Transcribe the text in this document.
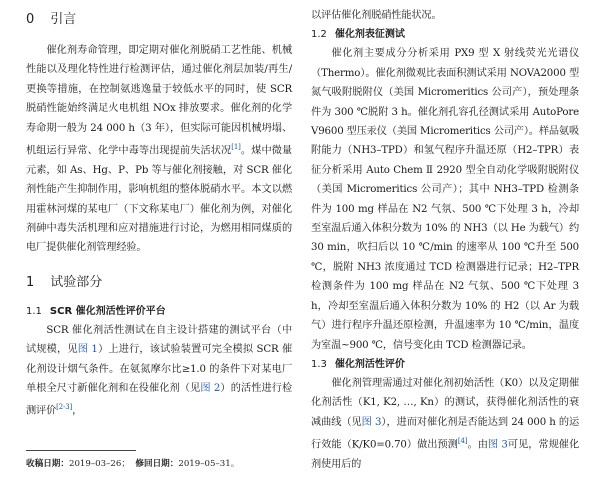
0 引言

催化剂寿命管理，即定期对催化剂脱硝工艺性能、机械性能以及理化特性进行检测评估，通过催化剂层加装/再生/更换等措施，在控制氨逃逸量于较低水平的同时，使 SCR 脱硝性能始终满足火电机组 NOx 排放要求。催化剂的化学寿命期一般为 24 000 h（3 年），但实际可能因机械坍塌、机组运行异常、化学中毒等出现提前失活状况[1]。煤中微量元素，如 As、Hg、P、Pb 等与催化剂接触，对 SCR 催化剂性能产生抑制作用，影响机组的整体脱硝水平。本文以燃用霍林河煤的某电厂（下文称某电厂）催化剂为例，对催化剂砷中毒失活机理和应对措施进行讨论，为燃用相同煤质的电厂提供催化剂管理经验。

1 试验部分
1.1 SCR 催化剂活性评价平台

SCR 催化剂活性测试在自主设计搭建的测试平台（中试规模，见图 1）上进行，该试验装置可完全模拟 SCR 催化剂设计烟气条件。在氨氮摩尔比≥1.0 的条件下对某电厂单根全尺寸新催化剂和在役催化剂（见图 2）的活性进行检测评价[2-3]，

收稿日期：2019–03–26； 修回日期：2019–05–31。

以评估催化剂脱硝性能状况。

1.2 催化剂表征测试

催化剂主要成分分析采用 PX9 型 X 射线荧光光谱仪（Thermo）。催化剂微观比表面积测试采用 NOVA2000 型氮气吸附脱附仪（美国 Micromeritics 公司产），预处理条件为 300 ℃脱附 3 h。催化剂孔容孔径测试采用 AutoPore V9600 型压汞仪（美国 Micromeritics 公司产）。样品氨吸附能力（NH3–TPD）和氢气程序升温还原（H2–TPR）表征分析采用 Auto Chem Ⅱ 2920 型全自动化学吸附脱附仪（美国 Micromeritics 公司产）；其中 NH3–TPD 检测条件为 100 mg 样品在 N2 气氛、500 ℃下处理 3 h，冷却至室温后通入体积分数为 10% 的 NH3（以 He 为载气）约 30 min，吹扫后以 10 ℃/min 的速率从 100 ℃升至 500 ℃，脱附 NH3 浓度通过 TCD 检测器进行记录；H2–TPR 检测条件为 100 mg 样品在 N2 气氛、500 ℃下处理 3 h，冷却至室温后通入体积分数为 10% 的 H2（以 Ar 为载气）进行程序升温还原检测，升温速率为 10 ℃/min，温度为室温~900 ℃，信号变化由 TCD 检测器记录。

1.3 催化剂活性评价

催化剂管理需通过对催化剂初始活性（K0）以及定期催化剂活性（K1, K2, …, Kn）的测试，获得催化剂活性的衰减曲线（见图 3），进而对催化剂是否能达到 24 000 h 的运行效能（K/K0=0.70）做出预测[4]。由图 3可见，常规催化剂使用后的
